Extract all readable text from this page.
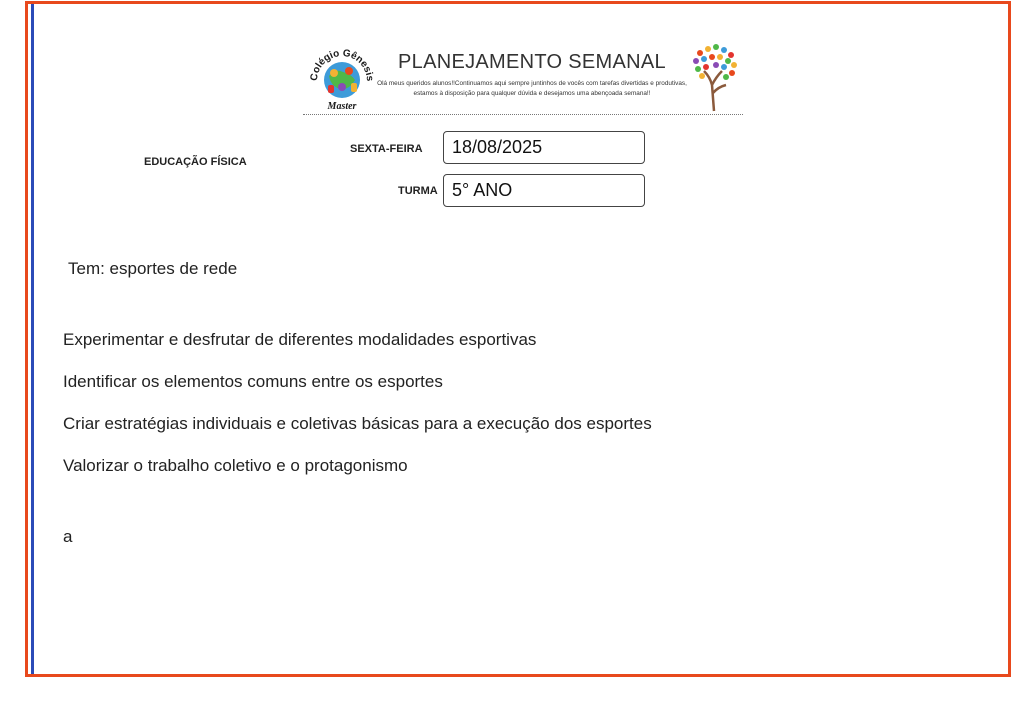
Colégio Gênesis
Master
PLANEJAMENTO SEMANAL
Olá meus queridos alunos!!Continuamos aqui sempre juntinhos de vocês com tarefas divertidas e produtivas, estamos à disposição para qualquer dúvida e desejamos uma abençoada semana!!
EDUCAÇÃO FÍSICA
SEXTA-FEIRA	18/08/2025
TURMA 5° ANO
Tem: esportes de rede
Experimentar e desfrutar de diferentes modalidades esportivas
Identificar os elementos comuns entre os esportes
Criar estratégias individuais e coletivas básicas para a execução dos esportes
Valorizar o trabalho coletivo e o protagonismo
a
